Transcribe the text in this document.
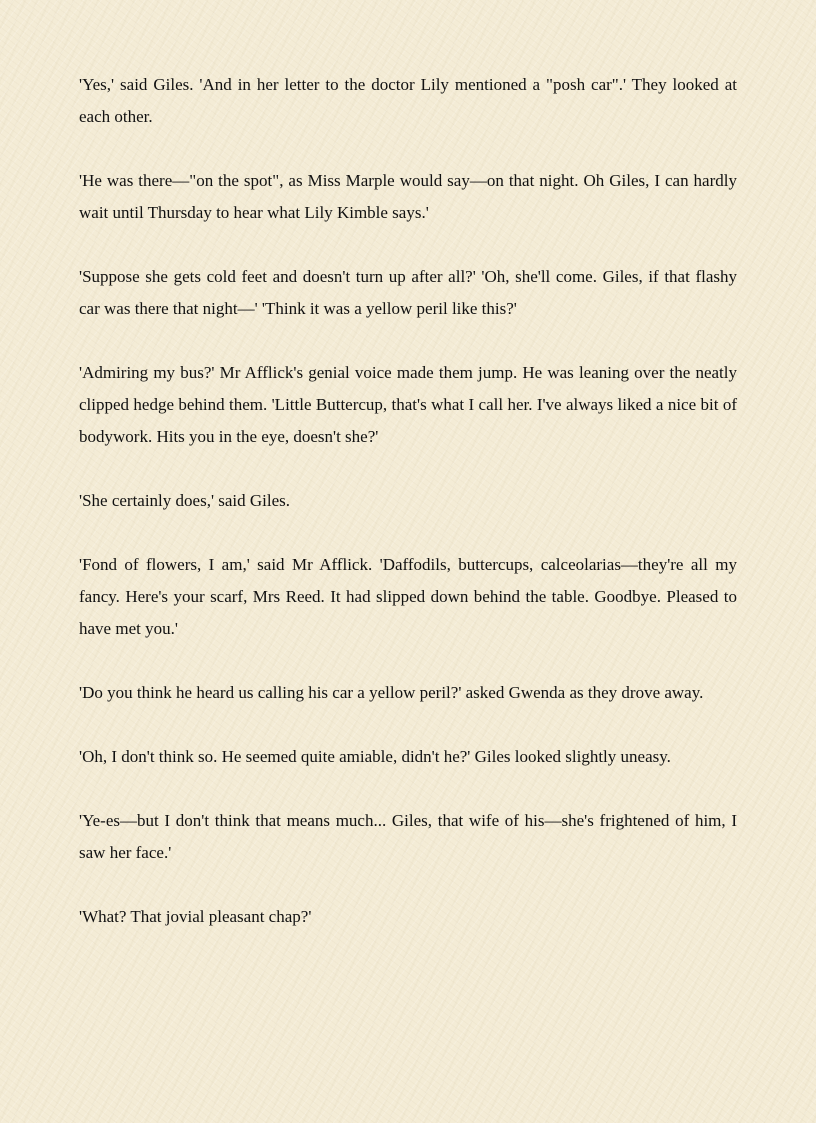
'Yes,' said Giles. 'And in her letter to the doctor Lily mentioned a "posh car".' They looked at each other.

'He was there—"on the spot", as Miss Marple would say—on that night. Oh Giles, I can hardly wait until Thursday to hear what Lily Kimble says.'

'Suppose she gets cold feet and doesn't turn up after all?' 'Oh, she'll come. Giles, if that flashy car was there that night—' 'Think it was a yellow peril like this?'

'Admiring my bus?' Mr Afflick's genial voice made them jump. He was leaning over the neatly clipped hedge behind them. 'Little Buttercup, that's what I call her. I've always liked a nice bit of bodywork. Hits you in the eye, doesn't she?'

'She certainly does,' said Giles.

'Fond of flowers, I am,' said Mr Afflick. 'Daffodils, buttercups, calceolarias—they're all my fancy. Here's your scarf, Mrs Reed. It had slipped down behind the table. Goodbye. Pleased to have met you.'

'Do you think he heard us calling his car a yellow peril?' asked Gwenda as they drove away.

'Oh, I don't think so. He seemed quite amiable, didn't he?' Giles looked slightly uneasy.

'Ye-es—but I don't think that means much... Giles, that wife of his—she's frightened of him, I saw her face.'

'What? That jovial pleasant chap?'
